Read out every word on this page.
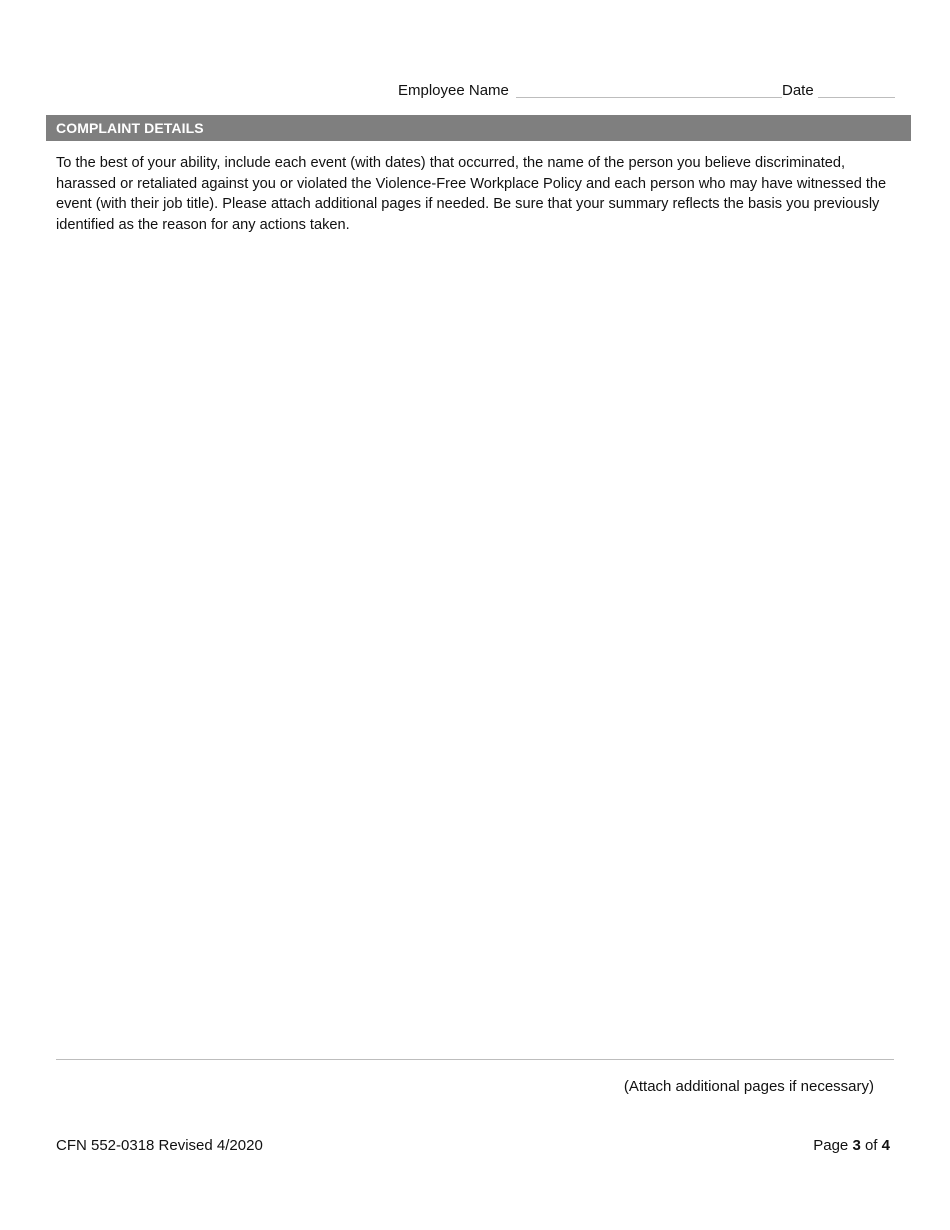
Employee Name	Date
COMPLAINT DETAILS

To the best of your ability, include each event (with dates) that occurred, the name of the person you believe discriminated, harassed or retaliated against you or violated the Violence-Free Workplace Policy and each person who may have witnessed the event (with their job title). Please attach additional pages if needed. Be sure that your summary reflects the basis you previously identified as the reason for any actions taken.

(Attach additional pages if necessary)
CFN 552-0318 Revised 4/2020	Page 3 of 4
